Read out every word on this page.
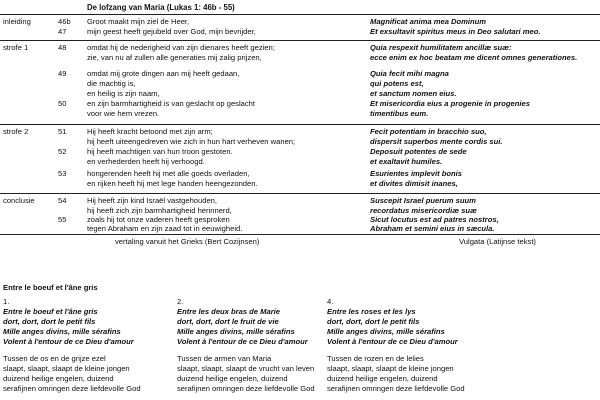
De lofzang van Maria (Lukas 1: 46b - 55)
inleiding	46b Groot maakt mijn ziel de Heer,	Magnificat anima mea Dominum
47	mijn geest heeft gejubeld over God, mijn bevrijder,	Et exsultavit spiritus meus in Deo salutari meo.
strofe 1	48	omdat hij de nederigheid van zijn dienares heeft gezien;	Quia respexit humilitatem ancillæ suæ:
zie, van nu af zullen alle generaties mij zalig prijzen,	ecce enim ex hoc beatam me dicent omnes generationes.
49	omdat mij grote dingen aan mij heeft gedaan,	Quia fecit mihi magna
die machtig is,	qui potens est,
en heilig is zijn naam,	et sanctum nomen eius.
50	en zijn barmhartigheid is van geslacht op geslacht	Et misericordia eius a progenie in progenies
voor wie hem vrezen.	timentibus eum.
strofe 2	51	Hij heeft kracht betoond met zijn arm;	Fecit potentiam in bracchio suo,
hij heeft uiteengedreven wie zich in hun hart verheven wanen;	dispersit superbos mente cordis sui.
52	hij heeft machtigen van hun troon gestoten.	Deposuit potentes de sede
en verhederden heeft hij verhoogd.	et exaltavit humiles.
53	hongerenden heeft hij met alle goeds overladen,	Esurientes implevit bonis
en rijken heeft hij met lege handen heengezonden.	et divites dimisit inanes,
conclusie	54	Hij heeft zijn kind Israël vastgehouden,	Suscepit Israel puerum suum
hij heeft zich zijn barmhartigheid herinnerd,	recordatus misericordiæ suæ
55	zoals hij tot onze vaderen heeft gesproken	Sicut locutus est ad patres nostros,
tegen Abraham en zijn zaad tot in eeuwigheid.	Abraham et semini eius in sæcula.
vertaling vanuit het Grieks (Bert Cozijnsen)	Vulgata (Latijnse tekst)
Entre le boeuf et l'âne gris
1.
Entre le boeuf et l'âne gris
dort, dort, dort le petit fils
Mille anges divins, mille séraﬁns
Volent à l'entour de ce Dieu d'amour
Tussen de os en de grijze ezel
slaapt, slaapt, slaapt de kleine jongen
duizend heilige engelen, duizend
serafijnen omringen deze liefdevolle God
2.
Entre les deux bras de Marie
dort, dort, dort le fruit de vie
Mille anges divins, mille séraﬁns
Volent à l'entour de ce Dieu d'amour
Tussen de armen van Maria
slaapt, slaapt, slaapt de vrucht van leven
duizend heilige engelen, duizend
serafijnen omringen deze liefdevolle God
4.
Entre les roses et les lys
dort, dort, dort le petit fils
Mille anges divins, mille séraﬁns
Volent à l'entour de ce Dieu d'amour
Tussen de rozen en de lelies
slaapt, slaapt, slaapt de kleine jongen
duizend heilige engelen, duizend
serafijnen omringen deze liefdevolle God
